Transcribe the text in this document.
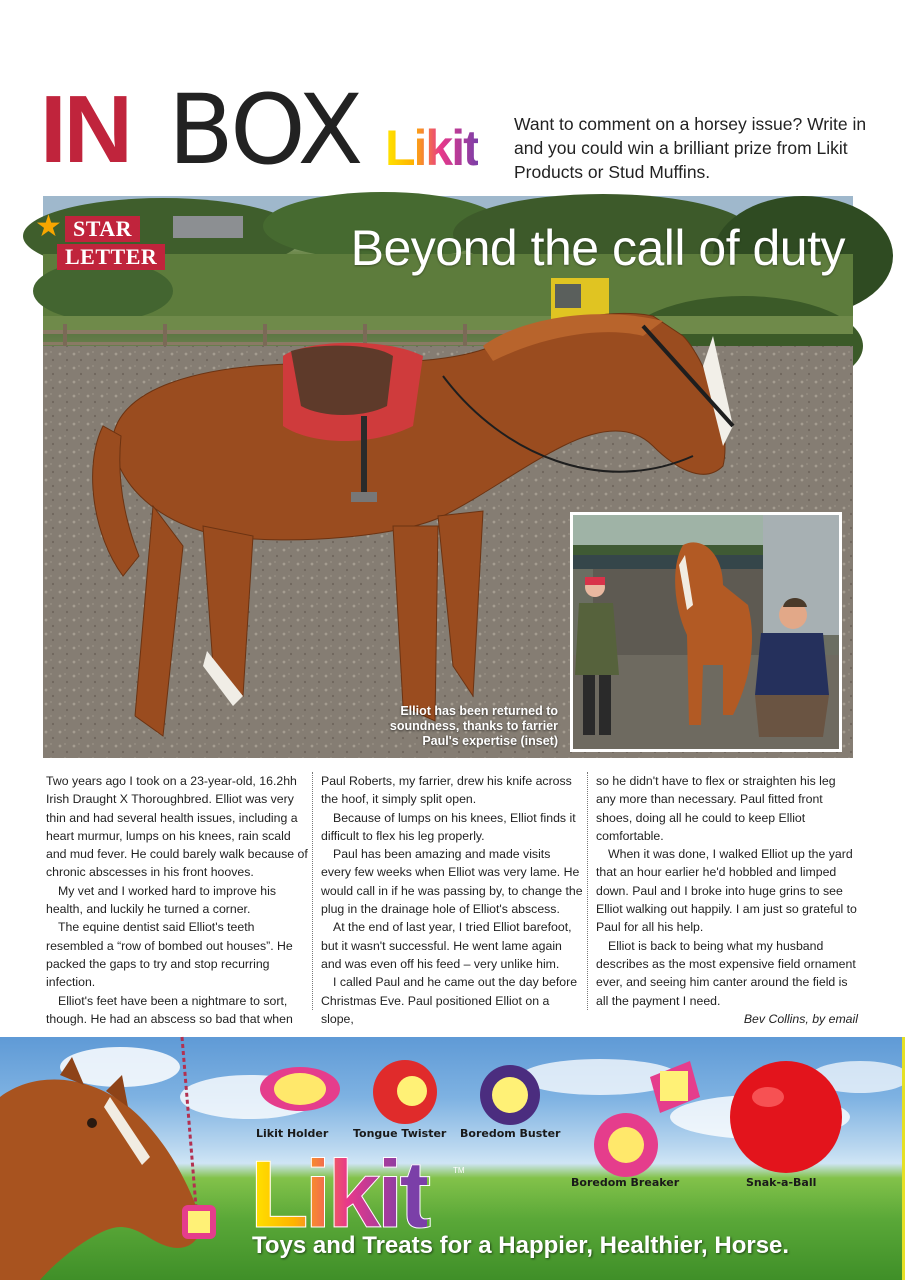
IN BOX Likit Want to comment on a horsey issue? Write in and you could win a brilliant prize from Likit Products or Stud Muffins.
STAR
LETTER
★	Beyond the call of duty
Elliot has been returned to soundness, thanks to farrier Paul's expertise (inset)

Two years ago I took on a 23-year-old, 16.2hh Irish Draught X Thoroughbred. Elliot was very thin and had several health issues, including a heart murmur, lumps on his knees, rain scald and mud fever. He could barely walk because of chronic abscesses in his front hooves.

My vet and I worked hard to improve his health, and luckily he turned a corner.

The equine dentist said Elliot's teeth resembled a “row of bombed out houses”. He packed the gaps to try and stop recurring infection.

Elliot's feet have been a nightmare to sort, though. He had an abscess so bad that when

Paul Roberts, my farrier, drew his knife across the hoof, it simply split open.

Because of lumps on his knees, Elliot finds it difficult to flex his leg properly.

Paul has been amazing and made visits every few weeks when Elliot was very lame. He would call in if he was passing by, to change the plug in the drainage hole of Elliot's abscess.

At the end of last year, I tried Elliot barefoot, but it wasn't successful. He went lame again and was even off his feed – very unlike him.

I called Paul and he came out the day before Christmas Eve. Paul positioned Elliot on a slope,

so he didn't have to flex or straighten his leg any more than necessary. Paul fitted front shoes, doing all he could to keep Elliot comfortable.

When it was done, I walked Elliot up the yard that an hour earlier he'd hobbled and limped down. Paul and I broke into huge grins to see Elliot walking out happily. I am just so grateful to Paul for all his help.

Elliot is back to being what my husband describes as the most expensive field ornament ever, and seeing him canter around the field is all the payment I need.

Bev Collins, by email

Likit Holder Tongue Twister Boredom Buster
Boredom Breaker	Snak-a-Ball
Likit	TM
Toys and Treats for a Happier, Healthier, Horse.
